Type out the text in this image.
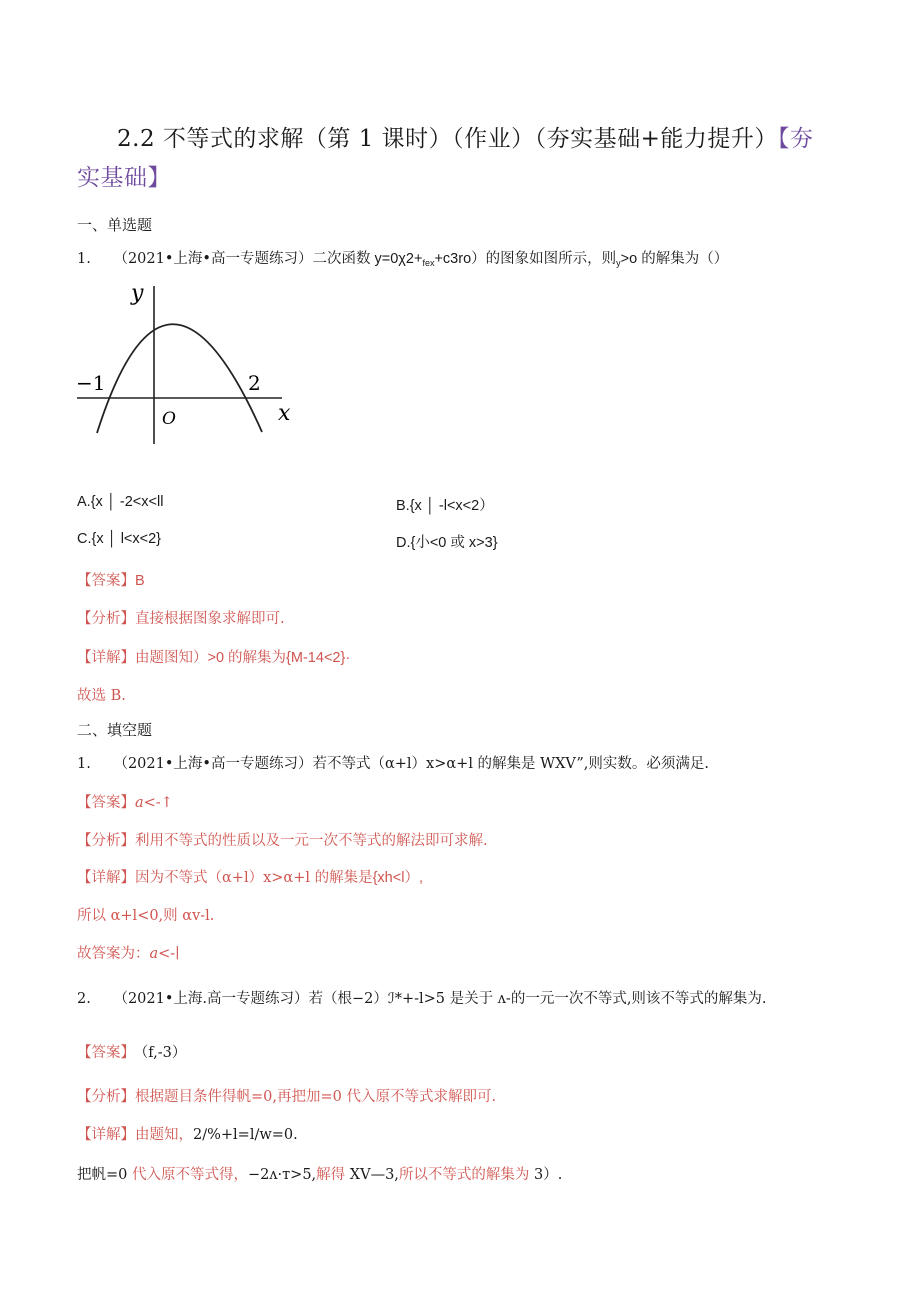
2.2 不等式的求解（第 1 课时）（作业）（夯实基础+能力提升）【夯
实基础】
一、单选题
1. （2021•上海•高一专题练习）二次函数 $y=0\chi 2+_{fex}+c3ro$）的图象如图所示，则$_y$>o 的解集为（）
y
x
O
−1	2
A.{x │ -2<x<ll	B.{x │ -l<x<2）
C.{x │ l<x<2}	D.{小<0 或 x>3}
【答案】B
【分析】直接根据图象求解即可.
【详解】由题图知）>0 的解集为{M-14<2}·
故选 B.
二、填空题
1. （2021•上海•高一专题练习）若不等式（α+l）x>α+l 的解集是 WXV”,则实数。必须满足.
【答案】a<-↑
【分析】利用不等式的性质以及一元一次不等式的解法即可求解.
【详解】因为不等式（α+l）x>α+l 的解集是{xh<l）,
所以 α+l<0,则 αv-l.
故答案为：a<-∣
2. （2021•上海.高一专题练习）若（根−2）ℐ*+-l>5 是关于 ʌ-的一元一次不等式,则该不等式的解集为.
【答案】 （f,-3）
【分析】根据题目条件得帆=0,再把加=0 代入原不等式求解即可.
【详解】由题知，2∕%+l=l∕w=0.
把帆=0 代入原不等式得，−2ʌ·т>5,解得 XV—3,所以不等式的解集为 3）.
